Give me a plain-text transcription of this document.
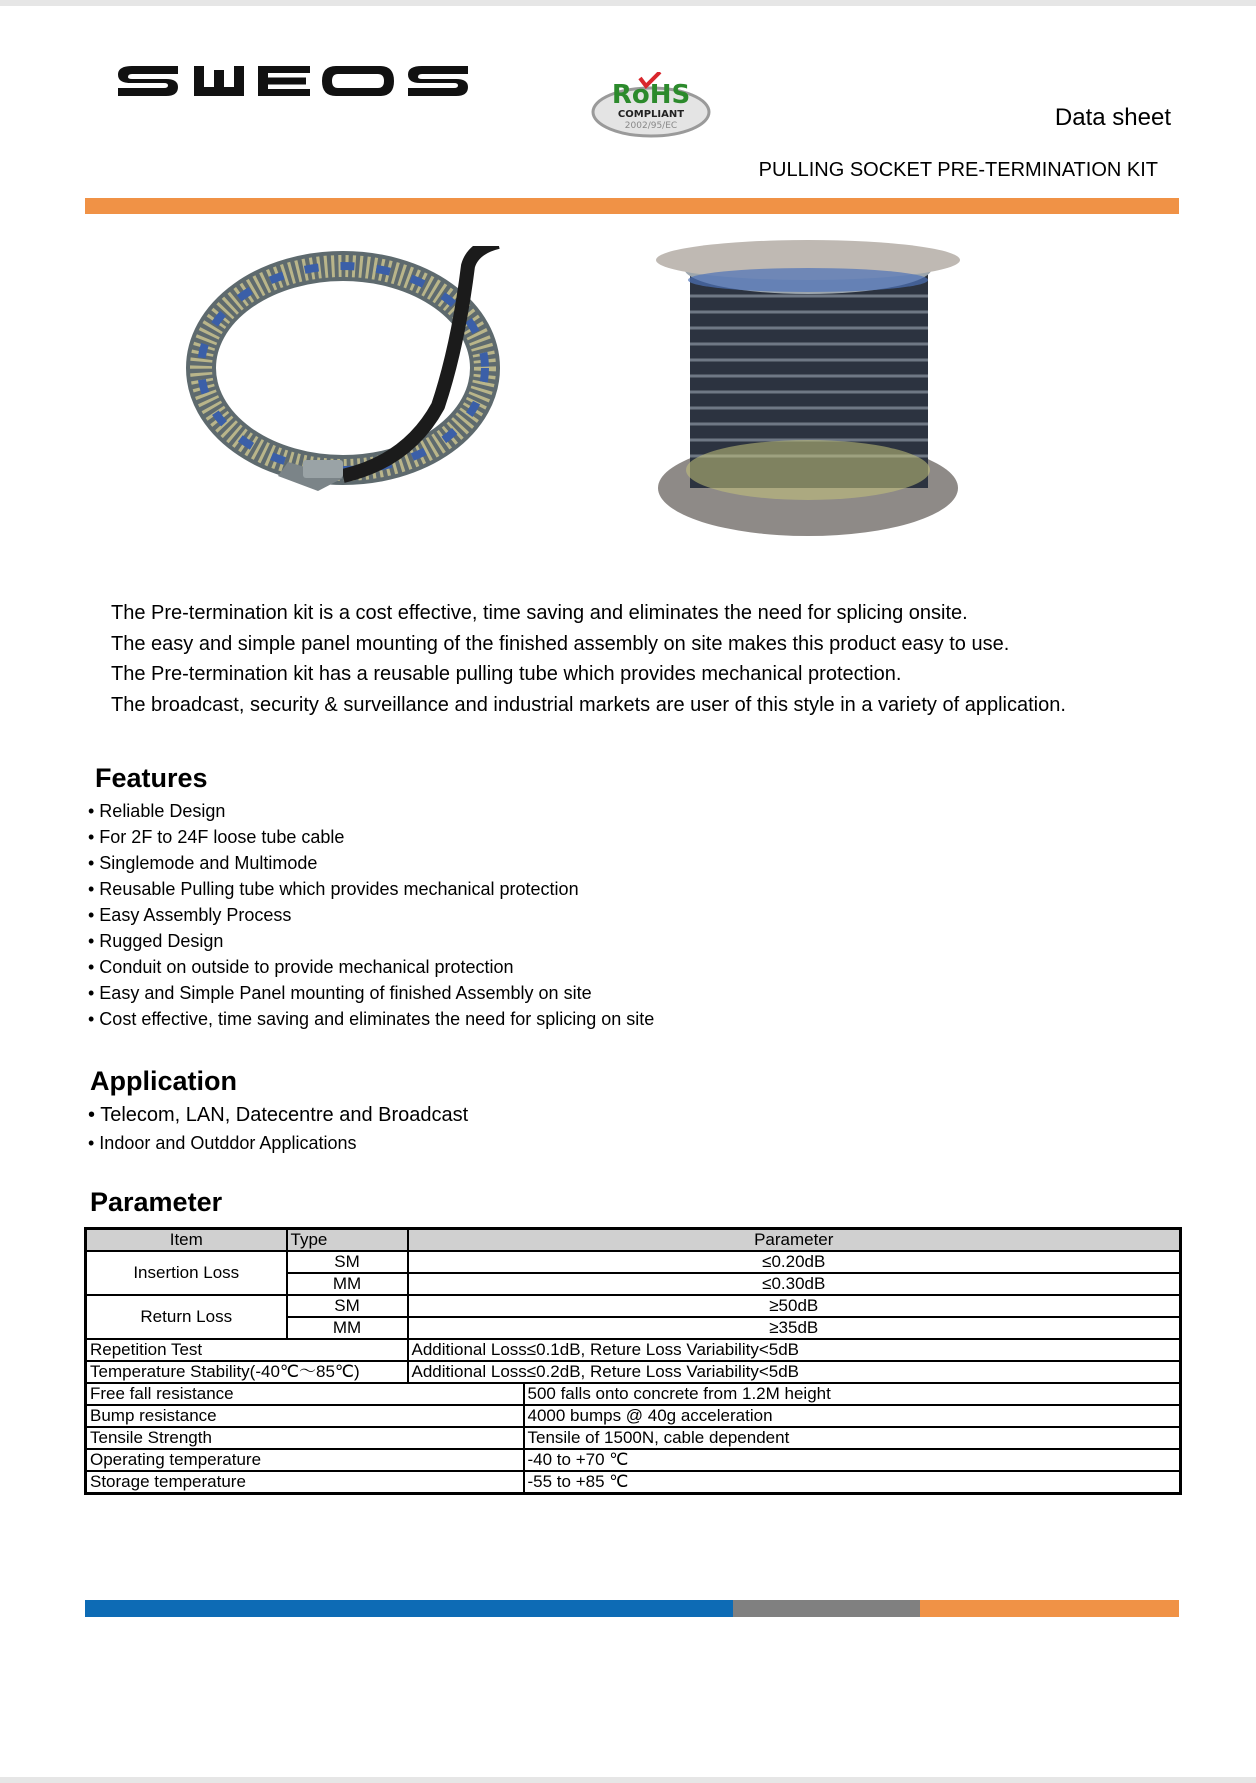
RoHS
COMPLIANT
2002/95/EC	Data sheet
PULLING SOCKET PRE-TERMINATION KIT

The Pre-termination kit is a cost effective, time saving and eliminates the need for splicing onsite.

The easy and simple panel mounting of the finished assembly on site makes this product easy to use.

The Pre-termination kit has a reusable pulling tube which provides mechanical protection.

The broadcast, security & surveillance and industrial markets are user of this style in a variety of application.

Features
• Reliable Design
• For 2F to 24F loose tube cable
• Singlemode and Multimode
• Reusable Pulling tube which provides mechanical protection
• Easy Assembly Process
• Rugged Design
• Conduit on outside to provide mechanical protection
• Easy and Simple Panel mounting of finished Assembly on site
• Cost effective, time saving and eliminates the need for splicing on site
Application
• Telecom, LAN, Datecentre and Broadcast
• Indoor and Outddor Applications
Parameter
Item	Type	Parameter	
Insertion Loss	SM	≤0.20dB	
	MM	≤0.30dB	
Return Loss	SM	≥50dB	
	MM	≥35dB	
Repetition Test		Additional Loss≤0.1dB, Reture Loss Variability<5dB	
Temperature Stability(-40℃～85℃)		Additional Loss≤0.2dB, Reture Loss Variability<5dB	
Free fall resistance			500 falls onto concrete from 1.2M height
Bump resistance			4000 bumps @ 40g acceleration
Tensile Strength			Tensile of 1500N, cable dependent
Operating temperature			-40 to +70 ℃
Storage temperature			-55 to +85 ℃
